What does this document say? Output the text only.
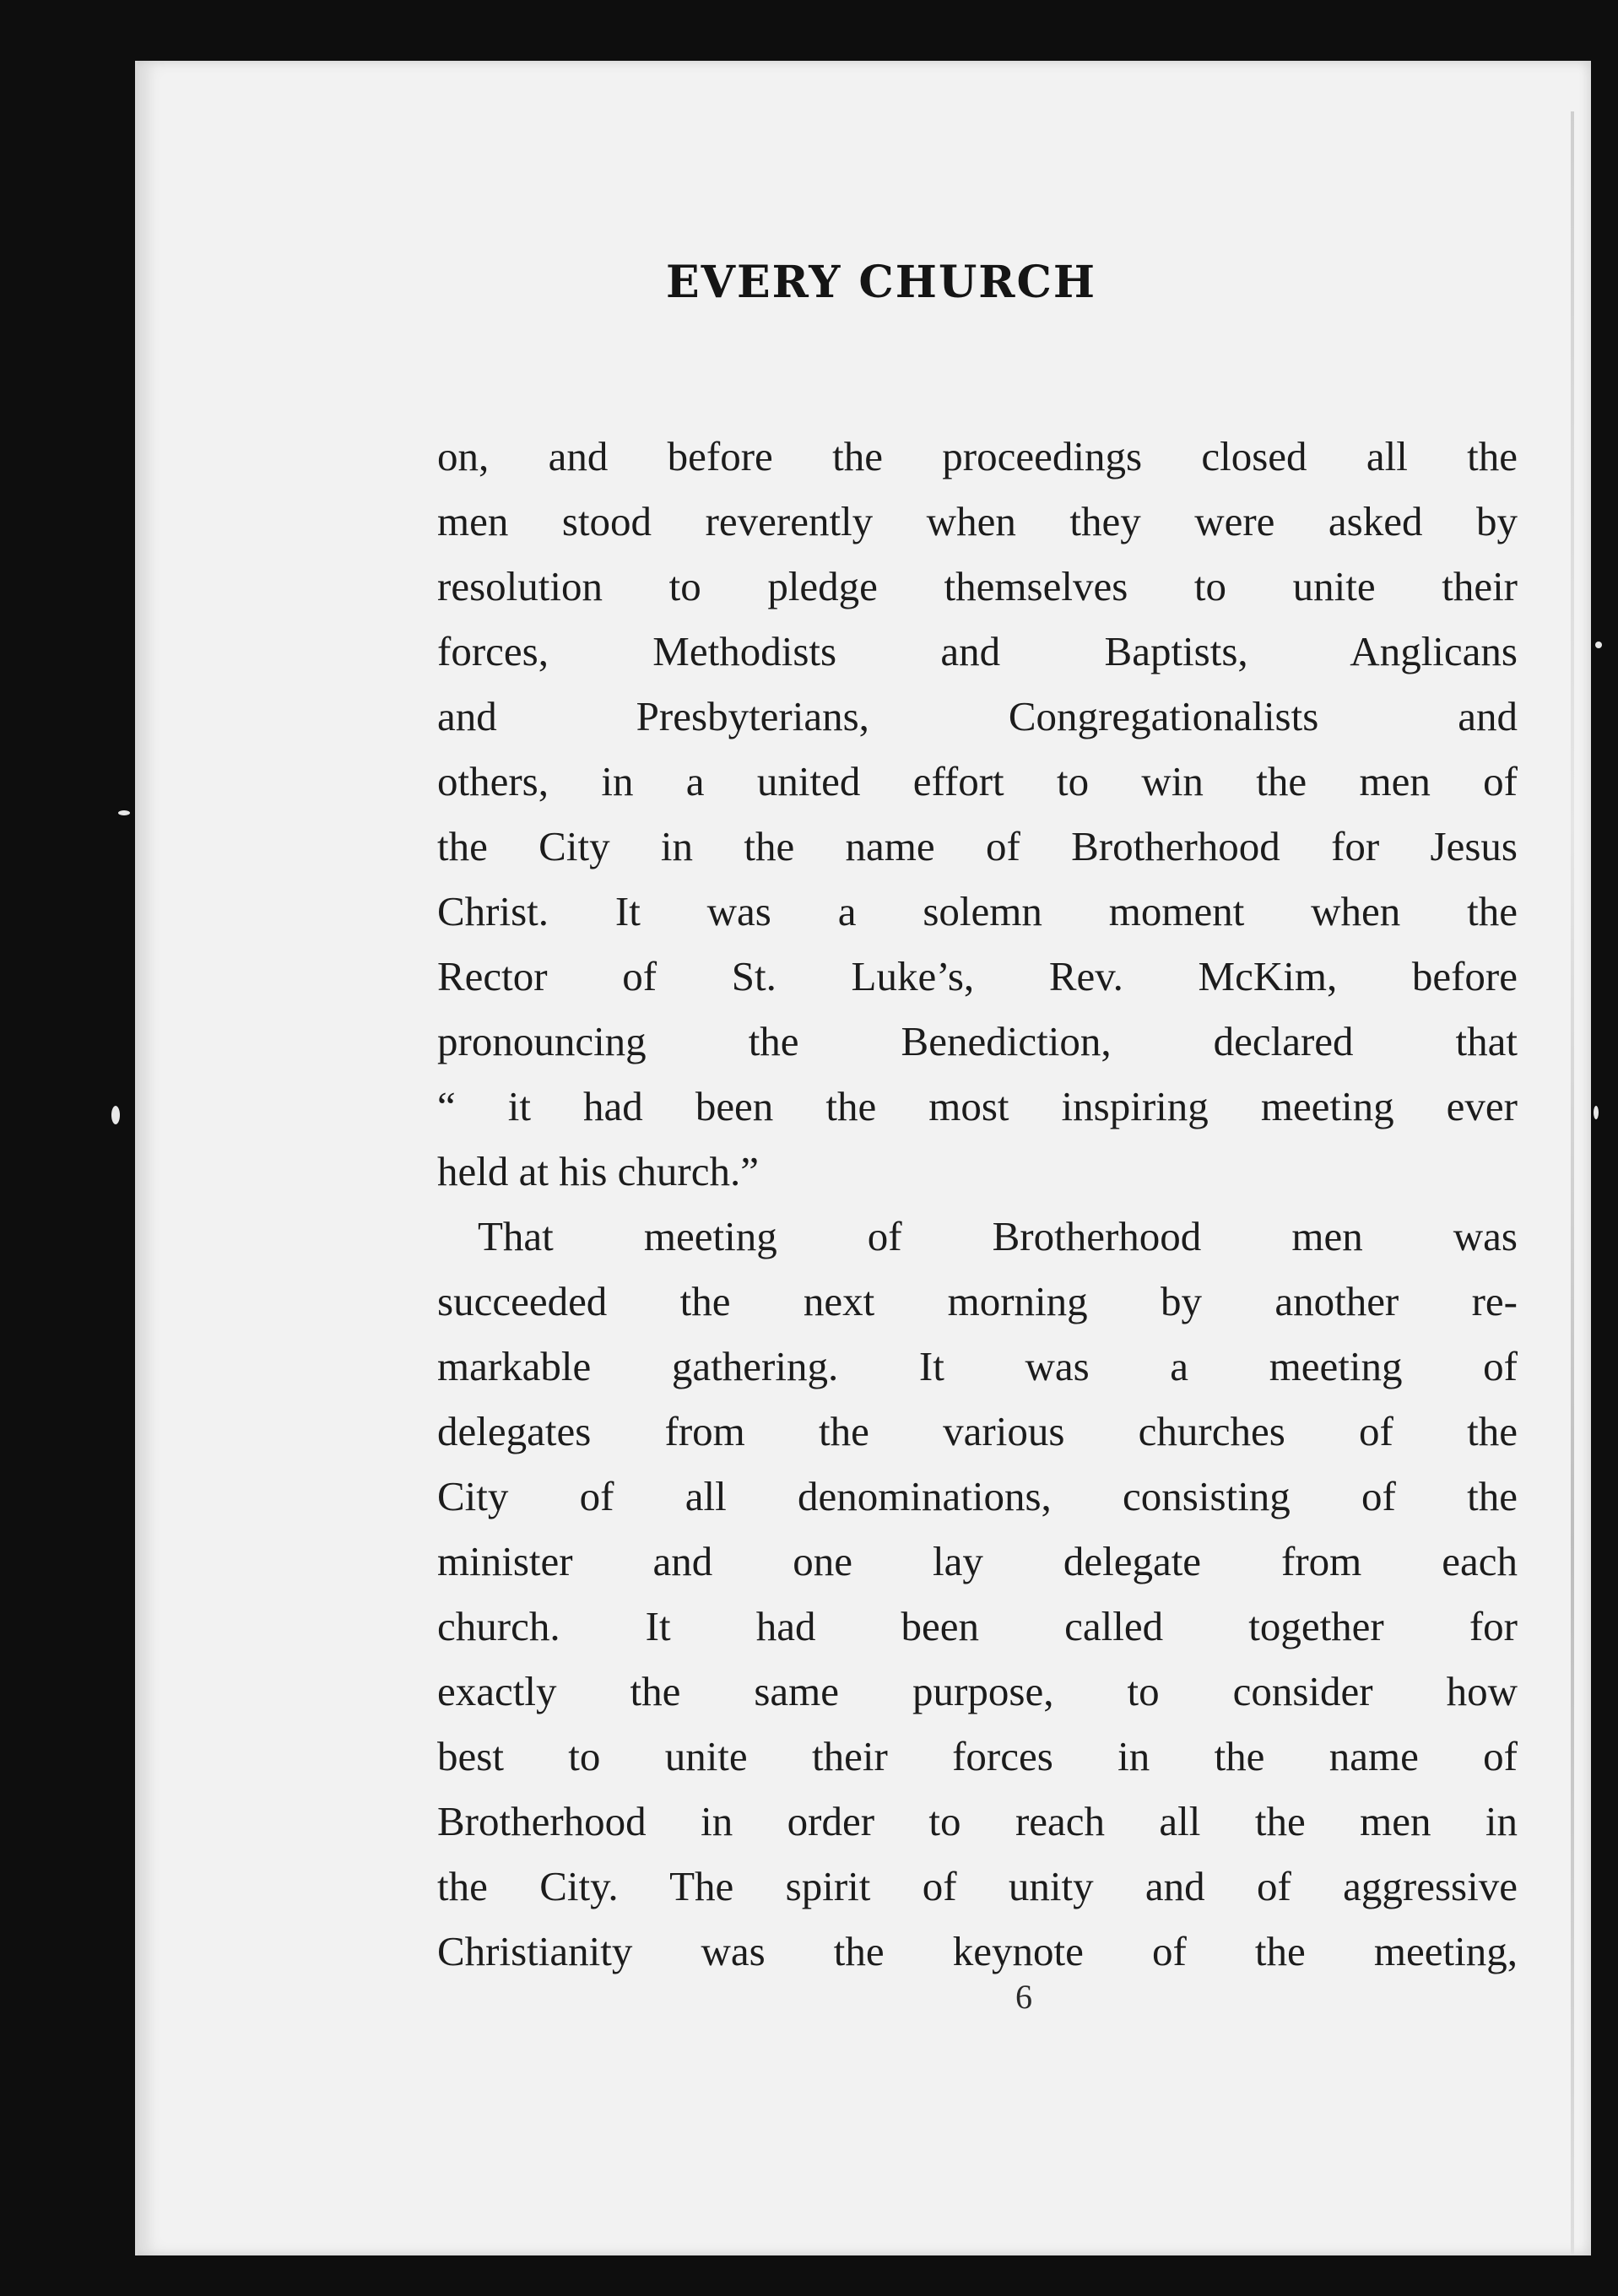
EVERY CHURCH
on, and before the proceedings closed all the
men stood reverently when they were asked by
resolution to pledge themselves to unite their
forces, Methodists and Baptists, Anglicans
and Presbyterians, Congregationalists and
others, in a united effort to win the men of
the City in the name of Brotherhood for Jesus
Christ. It was a solemn moment when the
Rector of St. Luke’s, Rev. McKim, before
pronouncing the Benediction, declared that
“ it had been the most inspiring meeting ever
held at his church.”
That meeting of Brotherhood men was
succeeded the next morning by another re-
markable gathering. It was a meeting of
delegates from the various churches of the
City of all denominations, consisting of the
minister and one lay delegate from each
church. It had been called together for
exactly the same purpose, to consider how
best to unite their forces in the name of
Brotherhood in order to reach all the men in
the City. The spirit of unity and of aggressive
Christianity was the keynote of the meeting,
6
